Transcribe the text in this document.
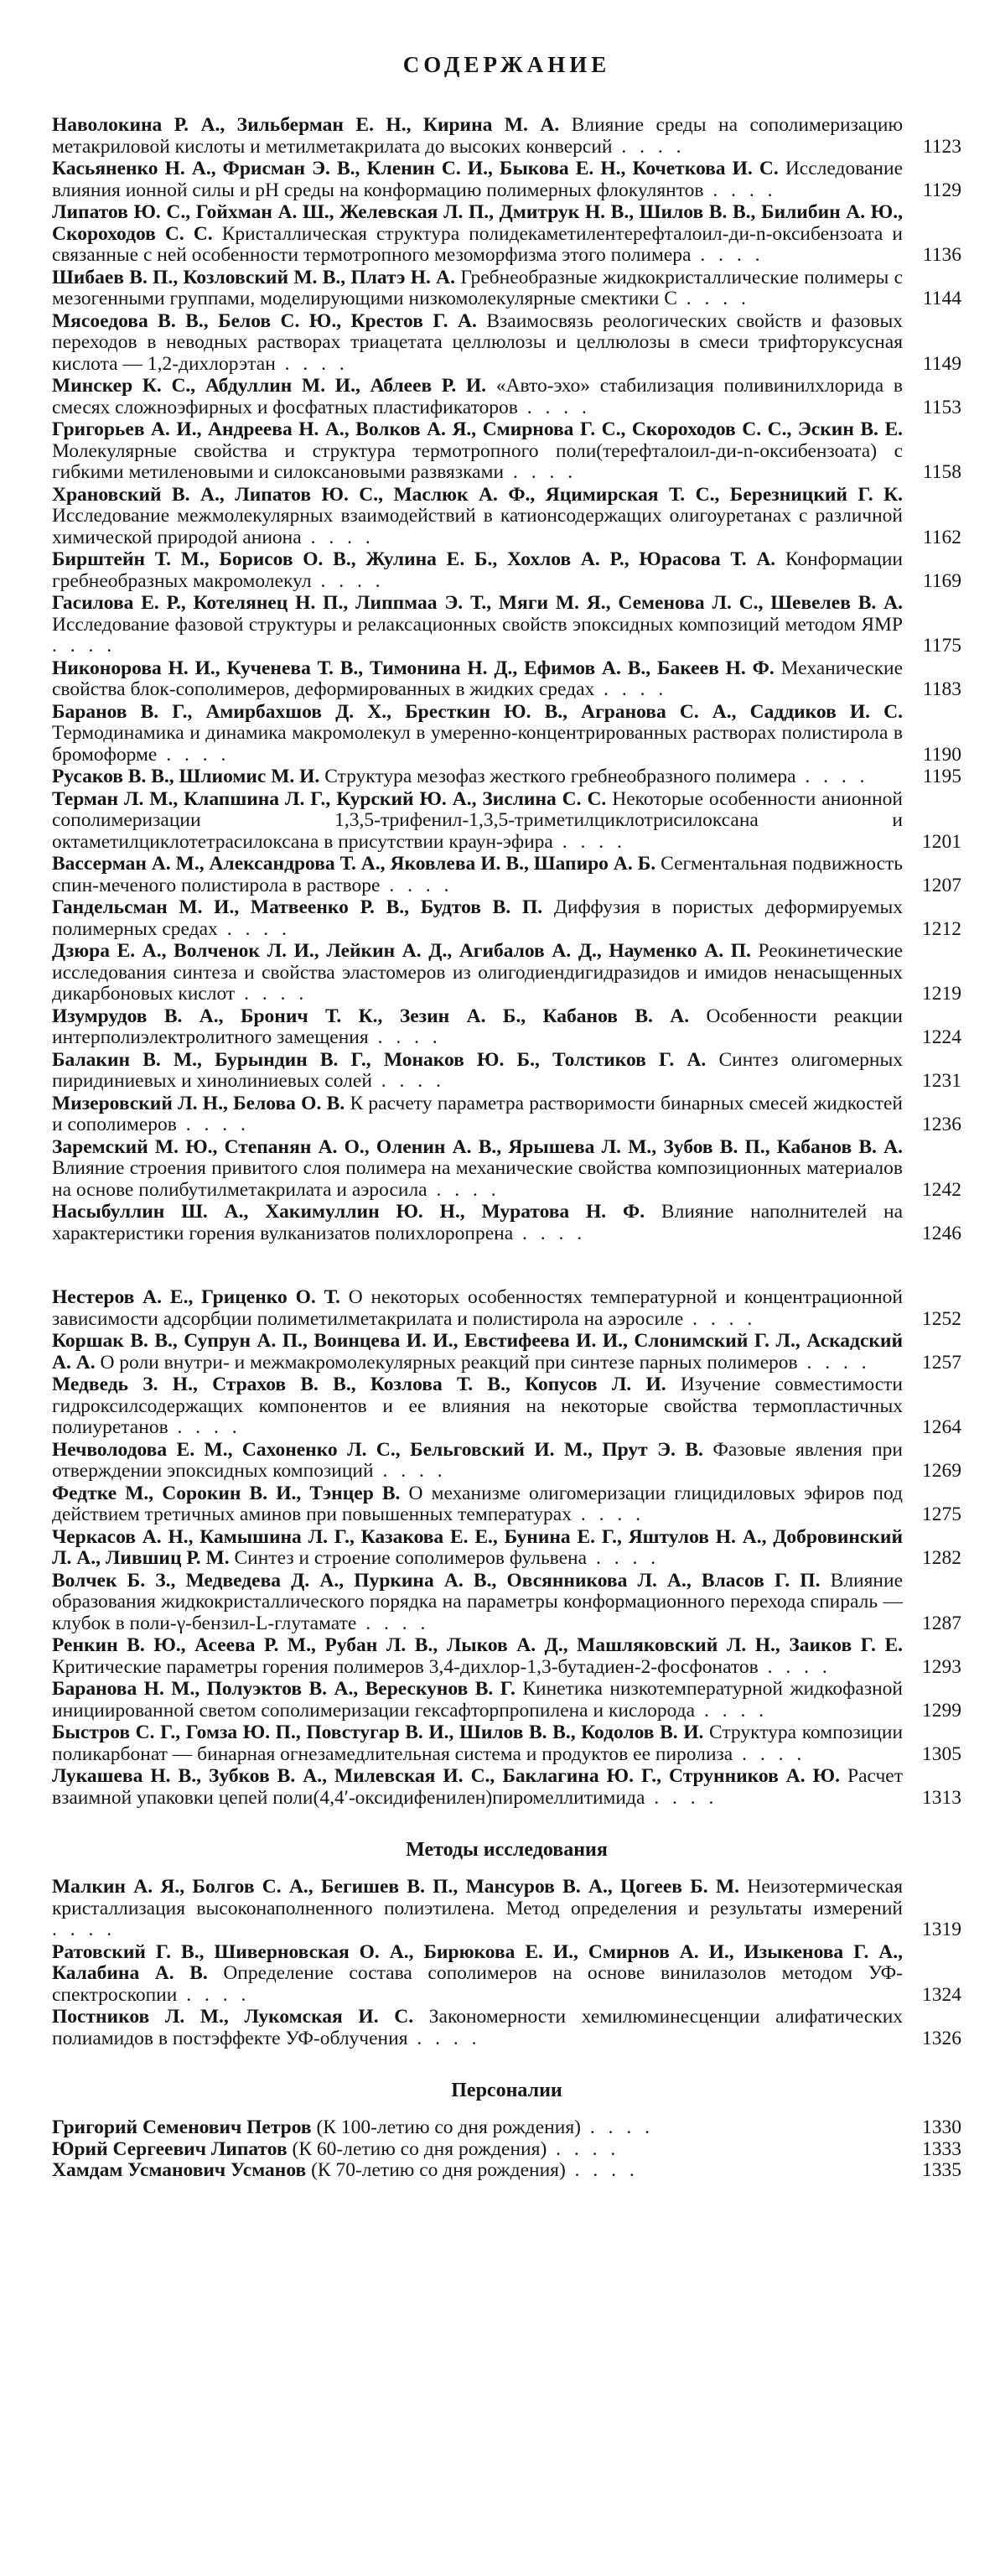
СОДЕРЖАНИЕ
Наволокина Р. А., Зильберман Е. Н., Кирина М. А. Влияние среды на сополимеризацию метакриловой кислоты и метилметакрилата до высоких конверсий . . . .	1123
Касьяненко Н. А., Фрисман Э. В., Кленин С. И., Быкова Е. Н., Кочеткова И. С. Исследование влияния ионной силы и pH среды на конформацию полимерных флокулянтов . . . .	1129
Липатов Ю. С., Гойхман А. Ш., Желевская Л. П., Дмитрук Н. В., Шилов В. В., Билибин А. Ю., Скороходов С. С. Кристаллическая структура полидекаметилентерефталоил-ди-n-оксибензоата и связанные с ней особенности термотропного мезоморфизма этого полимера . . . .	1136
Шибаев В. П., Козловский М. В., Платэ Н. А. Гребнеобразные жидкокристаллические полимеры с мезогенными группами, моделирующими низкомолекулярные смектики C . . . .	1144
Мясоедова В. В., Белов С. Ю., Крестов Г. А. Взаимосвязь реологических свойств и фазовых переходов в неводных растворах триацетата целлюлозы и целлюлозы в смеси трифторуксусная кислота — 1,2-дихлорэтан . . . .	1149
Минскер К. С., Абдуллин М. И., Аблеев Р. И. «Авто-эхо» стабилизация поливинилхлорида в смесях сложноэфирных и фосфатных пластификаторов . . . .	1153
Григорьев А. И., Андреева Н. А., Волков А. Я., Смирнова Г. С., Скороходов С. С., Эскин В. Е. Молекулярные свойства и структура термотропного поли(терефталоил-ди-n-оксибензоата) с гибкими метиленовыми и силоксановыми развязками . . . .	1158
Храновский В. А., Липатов Ю. С., Маслюк А. Ф., Яцимирская Т. С., Березницкий Г. К. Исследование межмолекулярных взаимодействий в катионсодержащих олигоуретанах с различной химической природой аниона . . . .	1162
Бирштейн Т. М., Борисов О. В., Жулина Е. Б., Хохлов А. Р., Юрасова Т. А. Конформации гребнеобразных макромолекул . . . .	1169
Гасилова Е. Р., Котелянец Н. П., Липпмаа Э. Т., Мяги М. Я., Семенова Л. С., Шевелев В. А. Исследование фазовой структуры и релаксационных свойств эпоксидных композиций методом ЯМР . . . .	1175
Никонорова Н. И., Кученева Т. В., Тимонина Н. Д., Ефимов А. В., Бакеев Н. Ф. Механические свойства блок-сополимеров, деформированных в жидких средах . . . .	1183
Баранов В. Г., Амирбахшов Д. Х., Бресткин Ю. В., Агранова С. А., Саддиков И. С. Термодинамика и динамика макромолекул в умеренно-концентрированных растворах полистирола в бромоформе . . . .	1190
Русаков В. В., Шлиомис М. И. Структура мезофаз жесткого гребнеобразного полимера . . . .	1195
Терман Л. М., Клапшина Л. Г., Курский Ю. А., Зислина С. С. Некоторые особенности анионной сополимеризации 1,3,5-трифенил-1,3,5-триметилциклотрисилоксана и октаметилциклотетрасилоксана в присутствии краун-эфира . . . .	1201
Вассерман А. М., Александрова Т. А., Яковлева И. В., Шапиро А. Б. Сегментальная подвижность спин-меченого полистирола в растворе . . . .	1207
Гандельсман М. И., Матвеенко Р. В., Будтов В. П. Диффузия в пористых деформируемых полимерных средах . . . .	1212
Дзюра Е. А., Волченок Л. И., Лейкин А. Д., Агибалов А. Д., Науменко А. П. Реокинетические исследования синтеза и свойства эластомеров из олигодиендигидразидов и имидов ненасыщенных дикарбоновых кислот . . . .	1219
Изумрудов В. А., Бронич Т. К., Зезин А. Б., Кабанов В. А. Особенности реакции интерполиэлектролитного замещения . . . .	1224
Балакин В. М., Бурындин В. Г., Монаков Ю. Б., Толстиков Г. А. Синтез олигомерных пиридиниевых и хинолиниевых солей . . . .	1231
Мизеровский Л. Н., Белова О. В. К расчету параметра растворимости бинарных смесей жидкостей и сополимеров . . . .	1236
Заремский М. Ю., Степанян А. О., Оленин А. В., Ярышева Л. М., Зубов В. П., Кабанов В. А. Влияние строения привитого слоя полимера на механические свойства композиционных материалов на основе полибутилметакрилата и аэросила . . . .	1242
Насыбуллин Ш. А., Хакимуллин Ю. Н., Муратова Н. Ф. Влияние наполнителей на характеристики горения вулканизатов полихлоропрена . . . .	1246
Нестеров А. Е., Гриценко О. Т. О некоторых особенностях температурной и концентрационной зависимости адсорбции полиметилметакрилата и полистирола на аэросиле . . . .	1252
Коршак В. В., Супрун А. П., Воинцева И. И., Евстифеева И. И., Слонимский Г. Л., Аскадский А. А. О роли внутри- и межмакромолекулярных реакций при синтезе парных полимеров . . . .	1257
Медведь З. Н., Страхов В. В., Козлова Т. В., Копусов Л. И. Изучение совместимости гидроксилсодержащих компонентов и ее влияния на некоторые свойства термопластичных полиуретанов . . . .	1264
Нечволодова Е. М., Сахоненко Л. С., Бельговский И. М., Прут Э. В. Фазовые явления при отверждении эпоксидных композиций . . . .	1269
Федтке М., Сорокин В. И., Тэнцер В. О механизме олигомеризации глицидиловых эфиров под действием третичных аминов при повышенных температурах . . . .	1275
Черкасов А. Н., Камышина Л. Г., Казакова Е. Е., Бунина Е. Г., Яштулов Н. А., Добровинский Л. А., Лившиц Р. М. Синтез и строение сополимеров фульвена . . . .	1282
Волчек Б. З., Медведева Д. А., Пуркина А. В., Овсянникова Л. А., Власов Г. П. Влияние образования жидкокристаллического порядка на параметры конформационного перехода спираль — клубок в поли-γ-бензил-L-глутамате . . . .	1287
Ренкин В. Ю., Асеева Р. М., Рубан Л. В., Лыков А. Д., Машляковский Л. Н., Заиков Г. Е. Критические параметры горения полимеров 3,4-дихлор-1,3-бутадиен-2-фосфонатов . . . .	1293
Баранова Н. М., Полуэктов В. А., Верескунов В. Г. Кинетика низкотемпературной жидкофазной инициированной светом сополимеризации гексафторпропилена и кислорода . . . .	1299
Быстров С. Г., Гомза Ю. П., Повстугар В. И., Шилов В. В., Кодолов В. И. Структура композиции поликарбонат — бинарная огнезамедлительная система и продуктов ее пиролиза . . . .	1305
Лукашева Н. В., Зубков В. А., Милевская И. С., Баклагина Ю. Г., Струнников А. Ю. Расчет взаимной упаковки цепей поли(4,4′-оксидифенилен)пиромеллитимида . . . .	1313
Методы исследования
Малкин А. Я., Болгов С. А., Бегишев В. П., Мансуров В. А., Цогеев Б. М. Неизотермическая кристаллизация высоконаполненного полиэтилена. Метод определения и результаты измерений . . . .	1319
Ратовский Г. В., Шиверновская О. А., Бирюкова Е. И., Смирнов А. И., Изыкенова Г. А., Калабина А. В. Определение состава сополимеров на основе винилазолов методом УФ-спектроскопии . . . .	1324
Постников Л. М., Лукомская И. С. Закономерности хемилюминесценции алифатических полиамидов в постэффекте УФ-облучения . . . .	1326
Персоналии
Григорий Семенович Петров (К 100-летию со дня рождения) . . . .	1330
Юрий Сергеевич Липатов (К 60-летию со дня рождения) . . . .	1333
Хамдам Усманович Усманов (К 70-летию со дня рождения) . . . .	1335
